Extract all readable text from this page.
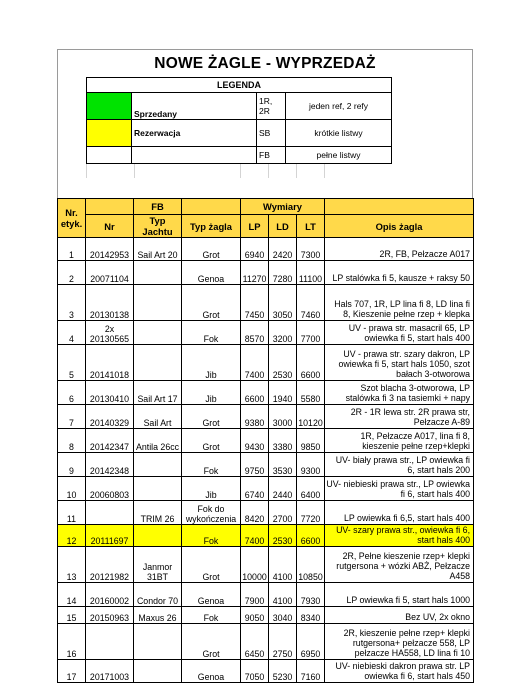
NOWE ŻAGLE - WYPRZEDAŻ
LEGENDA			
	Sprzedany	1R, 2R	jeden ref, 2 refy
	Rezerwacja	SB	krótkie listwy
		FB	pełne listwy
Nr. etyk.		FB		Wymiary			
	Nr	Typ Jachtu	Typ żagla	LP	LD	LT	Opis żagla
1	20142953	Sail Art 20	Grot	6940	2420	7300	2R, FB, Pełzacze A017
2	20071104		Genoa	11270	7280	11100	LP stalówka fi 5, kausze + raksy 50
3	20130138		Grot	7450	3050	7460	Hals 707, 1R, LP lina fi 8, LD lina fi 8, Kieszenie pełne rzep + klepka
4	2x 20130565		Fok	8570	3200	7700	UV - prawa str. masacril 65, LP owiewka fi 5, start hals 400
5	20141018		Jib	7400	2530	6600	UV - prawa str. szary dakron, LP owiewka fi 5, start hals 1050, szot bałach 3-otworowa
6	20130410	Sail Art 17	Jib	6600	1940	5580	Szot blacha 3-otworowa, LP stalówka fi 3 na tasiemki + napy
7	20140329	Sail Art	Grot	9380	3000	10120	2R - 1R lewa str. 2R prawa str, Pełzacze A-89
8	20142347	Antila 26cc	Grot	9430	3380	9850	1R, Pełzacze A017, lina fi 8, kieszenie pełne rzep+klepki
9	20142348		Fok	9750	3530	9300	UV- biały prawa str., LP owiewka fi 6, start hals 200
10	20060803		Jib	6740	2440	6400	UV- niebieski prawa str., LP owiewka fi 6, start hals 400
11		TRIM 26	Fok do wykończenia	8420	2700	7720	LP owiewka fi 6,5, start hals 400
12	20111697		Fok	7400	2530	6600	UV- szary prawa str., owiewka fi 6, start hals 400
13	20121982	Janmor 31BT	Grot	10000	4100	10850	2R, Pełne kieszenie rzep+ klepki rutgersona + wózki ABŻ, Pełzacze A458
14	20160002	Condor 70	Genoa	7900	4100	7930	LP owiewka fi 5, start hals 1000
15	20150963	Maxus 26	Fok	9050	3040	8340	Bez UV, 2x okno
16			Grot	6450	2750	6950	2R, kieszenie pełne rzep+ klepki rutgersona+ pełzacze 558, LP pełzacze HA558, LD lina fi 10
17	20171003		Genoa	7050	5230	7160	UV- niebieski dakron prawa str. LP owiewka fi 6, start hals 450
